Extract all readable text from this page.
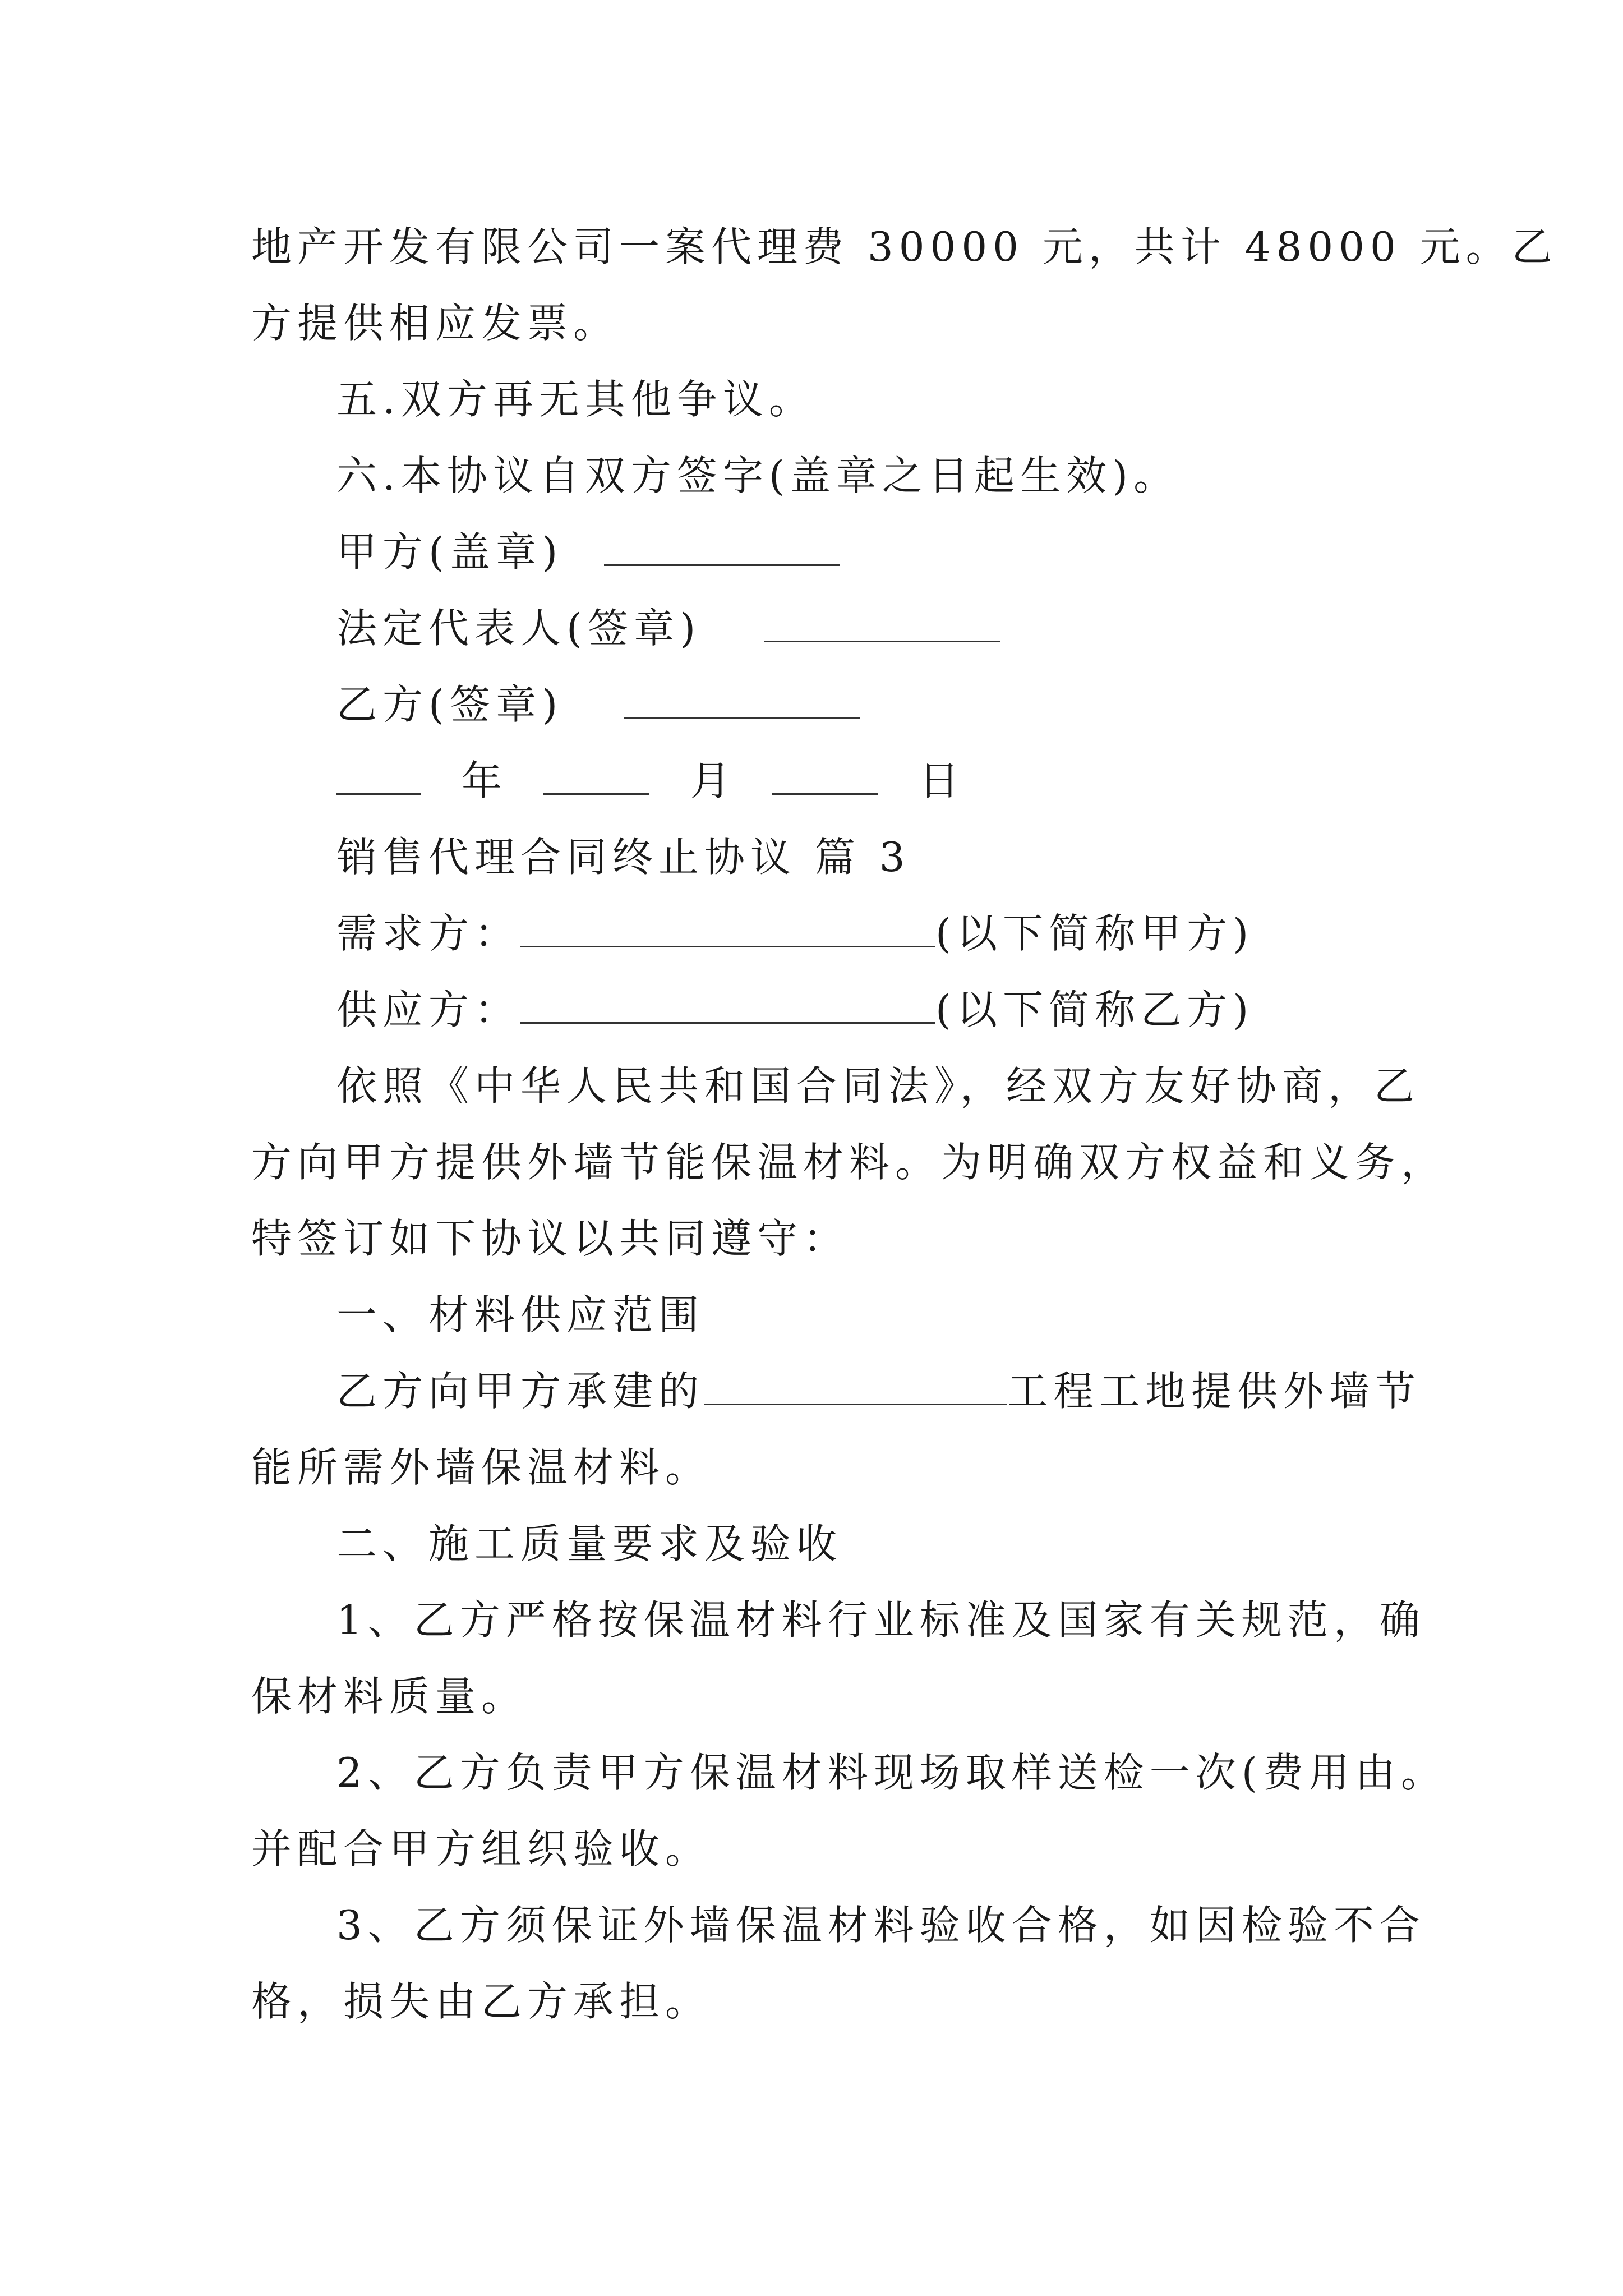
地产开发有限公司一案代理费 30000 元，共计 48000 元。乙
方提供相应发票。
五.双方再无其他争议。
六.本协议自双方签字(盖章之日起生效)。
甲方(盖章)
法定代表人(签章)
乙方(签章)
年	月	日
销售代理合同终止协议 篇 3
需求方：	(以下简称甲方)
供应方：	(以下简称乙方)
依照《中华人民共和国合同法》，经双方友好协商，乙
方向甲方提供外墙节能保温材料。为明确双方权益和义务，
特签订如下协议以共同遵守：
一、材料供应范围
乙方向甲方承建的	工程工地提供外墙节
能所需外墙保温材料。
二、施工质量要求及验收
1、乙方严格按保温材料行业标准及国家有关规范，确
保材料质量。
2、乙方负责甲方保温材料现场取样送检一次(费用由。
并配合甲方组织验收。
3、乙方须保证外墙保温材料验收合格，如因检验不合
格，损失由乙方承担。
